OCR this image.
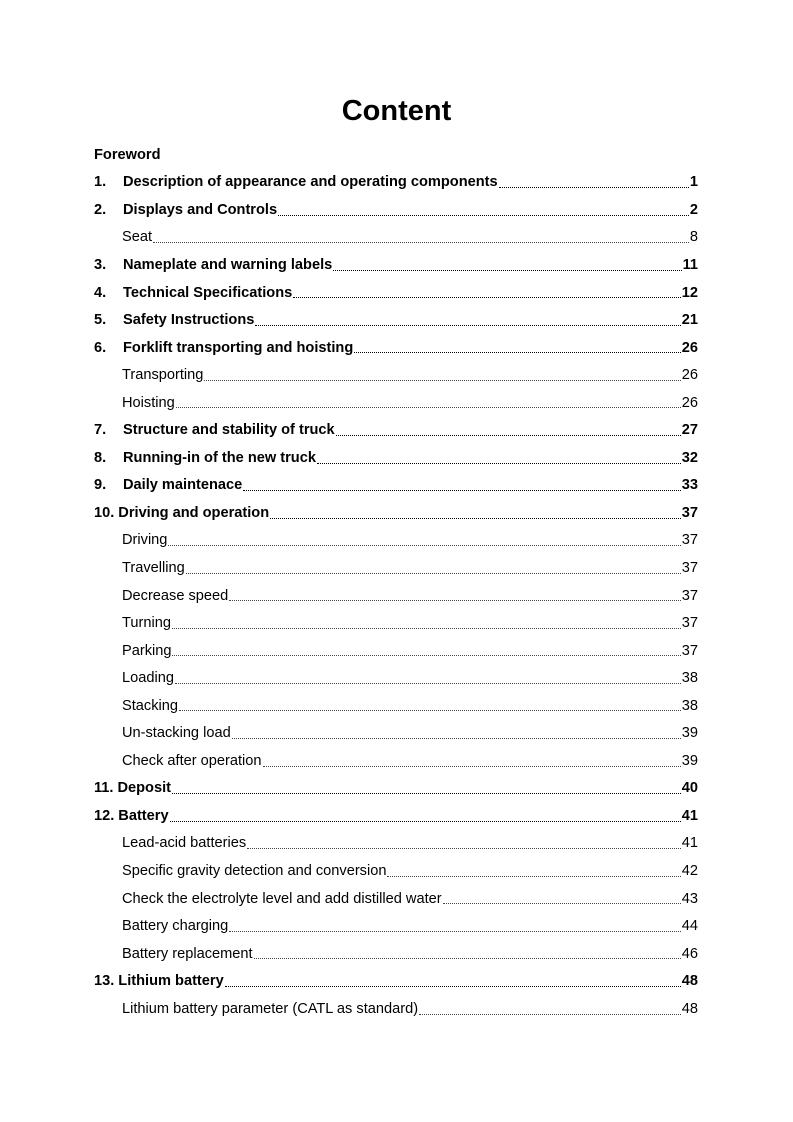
Content
Foreword
1.	Description of appearance and operating components	1
2.	Displays and Controls	2
Seat	8
3.	Nameplate and warning labels	11
4.	Technical Specifications	12
5.	Safety Instructions	21
6.	Forklift transporting and hoisting	26
Transporting	26
Hoisting	26
7.	Structure and stability of truck	27
8.	Running-in of the new truck	32
9.	Daily maintenace	33
10. Driving and operation	37
Driving	37
Travelling	37
Decrease speed	37
Turning	37
Parking	37
Loading	38
Stacking	38
Un-stacking load	39
Check after operation	39
11. Deposit	40
12. Battery	41
Lead-acid batteries	41
Specific gravity detection and conversion	42
Check the electrolyte level and add distilled water	43
Battery charging	44
Battery replacement	46
13. Lithium battery	48
Lithium battery parameter (CATL as standard)	48
